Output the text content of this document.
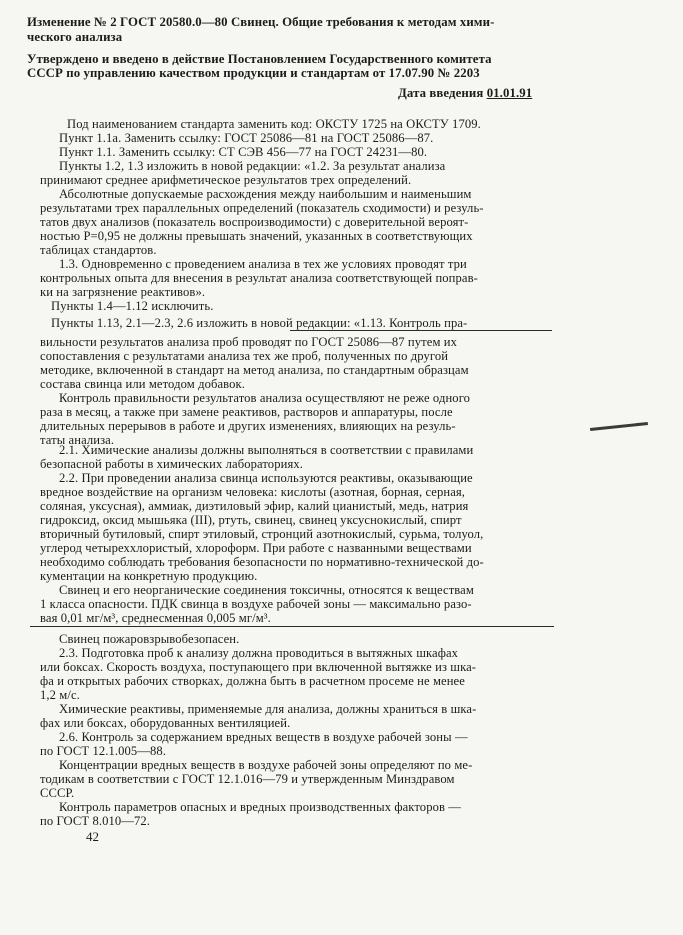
Изменение № 2 ГОСТ 20580.0—80 Свинец. Общие требования к методам хими-
ческого анализа
Утверждено и введено в действие Постановлением Государственного комитета
СССР по управлению качеством продукции и стандартам от 17.07.90 № 2203
Дата введения 01.01.91
Под наименованием стандарта заменить код: ОКСТУ 1725 на ОКСТУ 1709.
Пункт 1.1а. Заменить ссылку: ГОСТ 25086—81 на ГОСТ 25086—87.
Пункт 1.1. Заменить ссылку: СТ СЭВ 456—77 на ГОСТ 24231—80.
Пункты 1.2, 1.3 изложить в новой редакции: «1.2. За результат анализа
принимают среднее арифметическое результатов трех определений.
Абсолютные допускаемые расхождения между наибольшим и наименьшим
результатами трех параллельных определений (показатель сходимости) и резуль-
татов двух анализов (показатель воспроизводимости) с доверительной вероят-
ностью P=0,95 не должны превышать значений, указанных в соответствующих
таблицах стандартов.
1.3. Одновременно с проведением анализа в тех же условиях проводят три
контрольных опыта для внесения в результат анализа соответствующей поправ-
ки на загрязнение реактивов».
Пункты 1.4—1.12 исключить.
Пункты 1.13, 2.1—2.3, 2.6 изложить в новой редакции: «1.13. Контроль пра-
вильности результатов анализа проб проводят по ГОСТ 25086—87 путем их
сопоставления с результатами анализа тех же проб, полученных по другой
методике, включенной в стандарт на метод анализа, по стандартным образцам
состава свинца или методом добавок.
Контроль правильности результатов анализа осуществляют не реже одного
раза в месяц, а также при замене реактивов, растворов и аппаратуры, после
длительных перерывов в работе и других изменениях, влияющих на резуль-
таты анализа.
2.1. Химические анализы должны выполняться в соответствии с правилами
безопасной работы в химических лабораториях.
2.2. При проведении анализа свинца используются реактивы, оказывающие
вредное воздействие на организм человека: кислоты (азотная, борная, серная,
соляная, уксусная), аммиак, диэтиловый эфир, калий цианистый, медь, натрия
гидроксид, оксид мышьяка (III), ртуть, свинец, свинец уксуснокислый, спирт
вторичный бутиловый, спирт этиловый, стронций азотнокислый, сурьма, толуол,
углерод четыреххлористый, хлороформ. При работе с названными веществами
необходимо соблюдать требования безопасности по нормативно-технической до-
кументации на конкретную продукцию.
Свинец и его неорганические соединения токсичны, относятся к веществам
1 класса опасности. ПДК свинца в воздухе рабочей зоны — максимально разо-
вая 0,01 мг/м³, среднесменная 0,005 мг/м³.
Свинец пожаровзрывобезопасен.
2.3. Подготовка проб к анализу должна проводиться в вытяжных шкафах
или боксах. Скорость воздуха, поступающего при включенной вытяжке из шка-
фа и открытых рабочих створках, должна быть в расчетном просеме не менее
1,2 м/с.
Химические реактивы, применяемые для анализа, должны храниться в шка-
фах или боксах, оборудованных вентиляцией.
2.6. Контроль за содержанием вредных веществ в воздухе рабочей зоны —
по ГОСТ 12.1.005—88.
Концентрации вредных веществ в воздухе рабочей зоны определяют по ме-
тодикам в соответствии с ГОСТ 12.1.016—79 и утвержденным Минздравом
СССР.
Контроль параметров опасных и вредных производственных факторов —
по ГОСТ 8.010—72.
42
